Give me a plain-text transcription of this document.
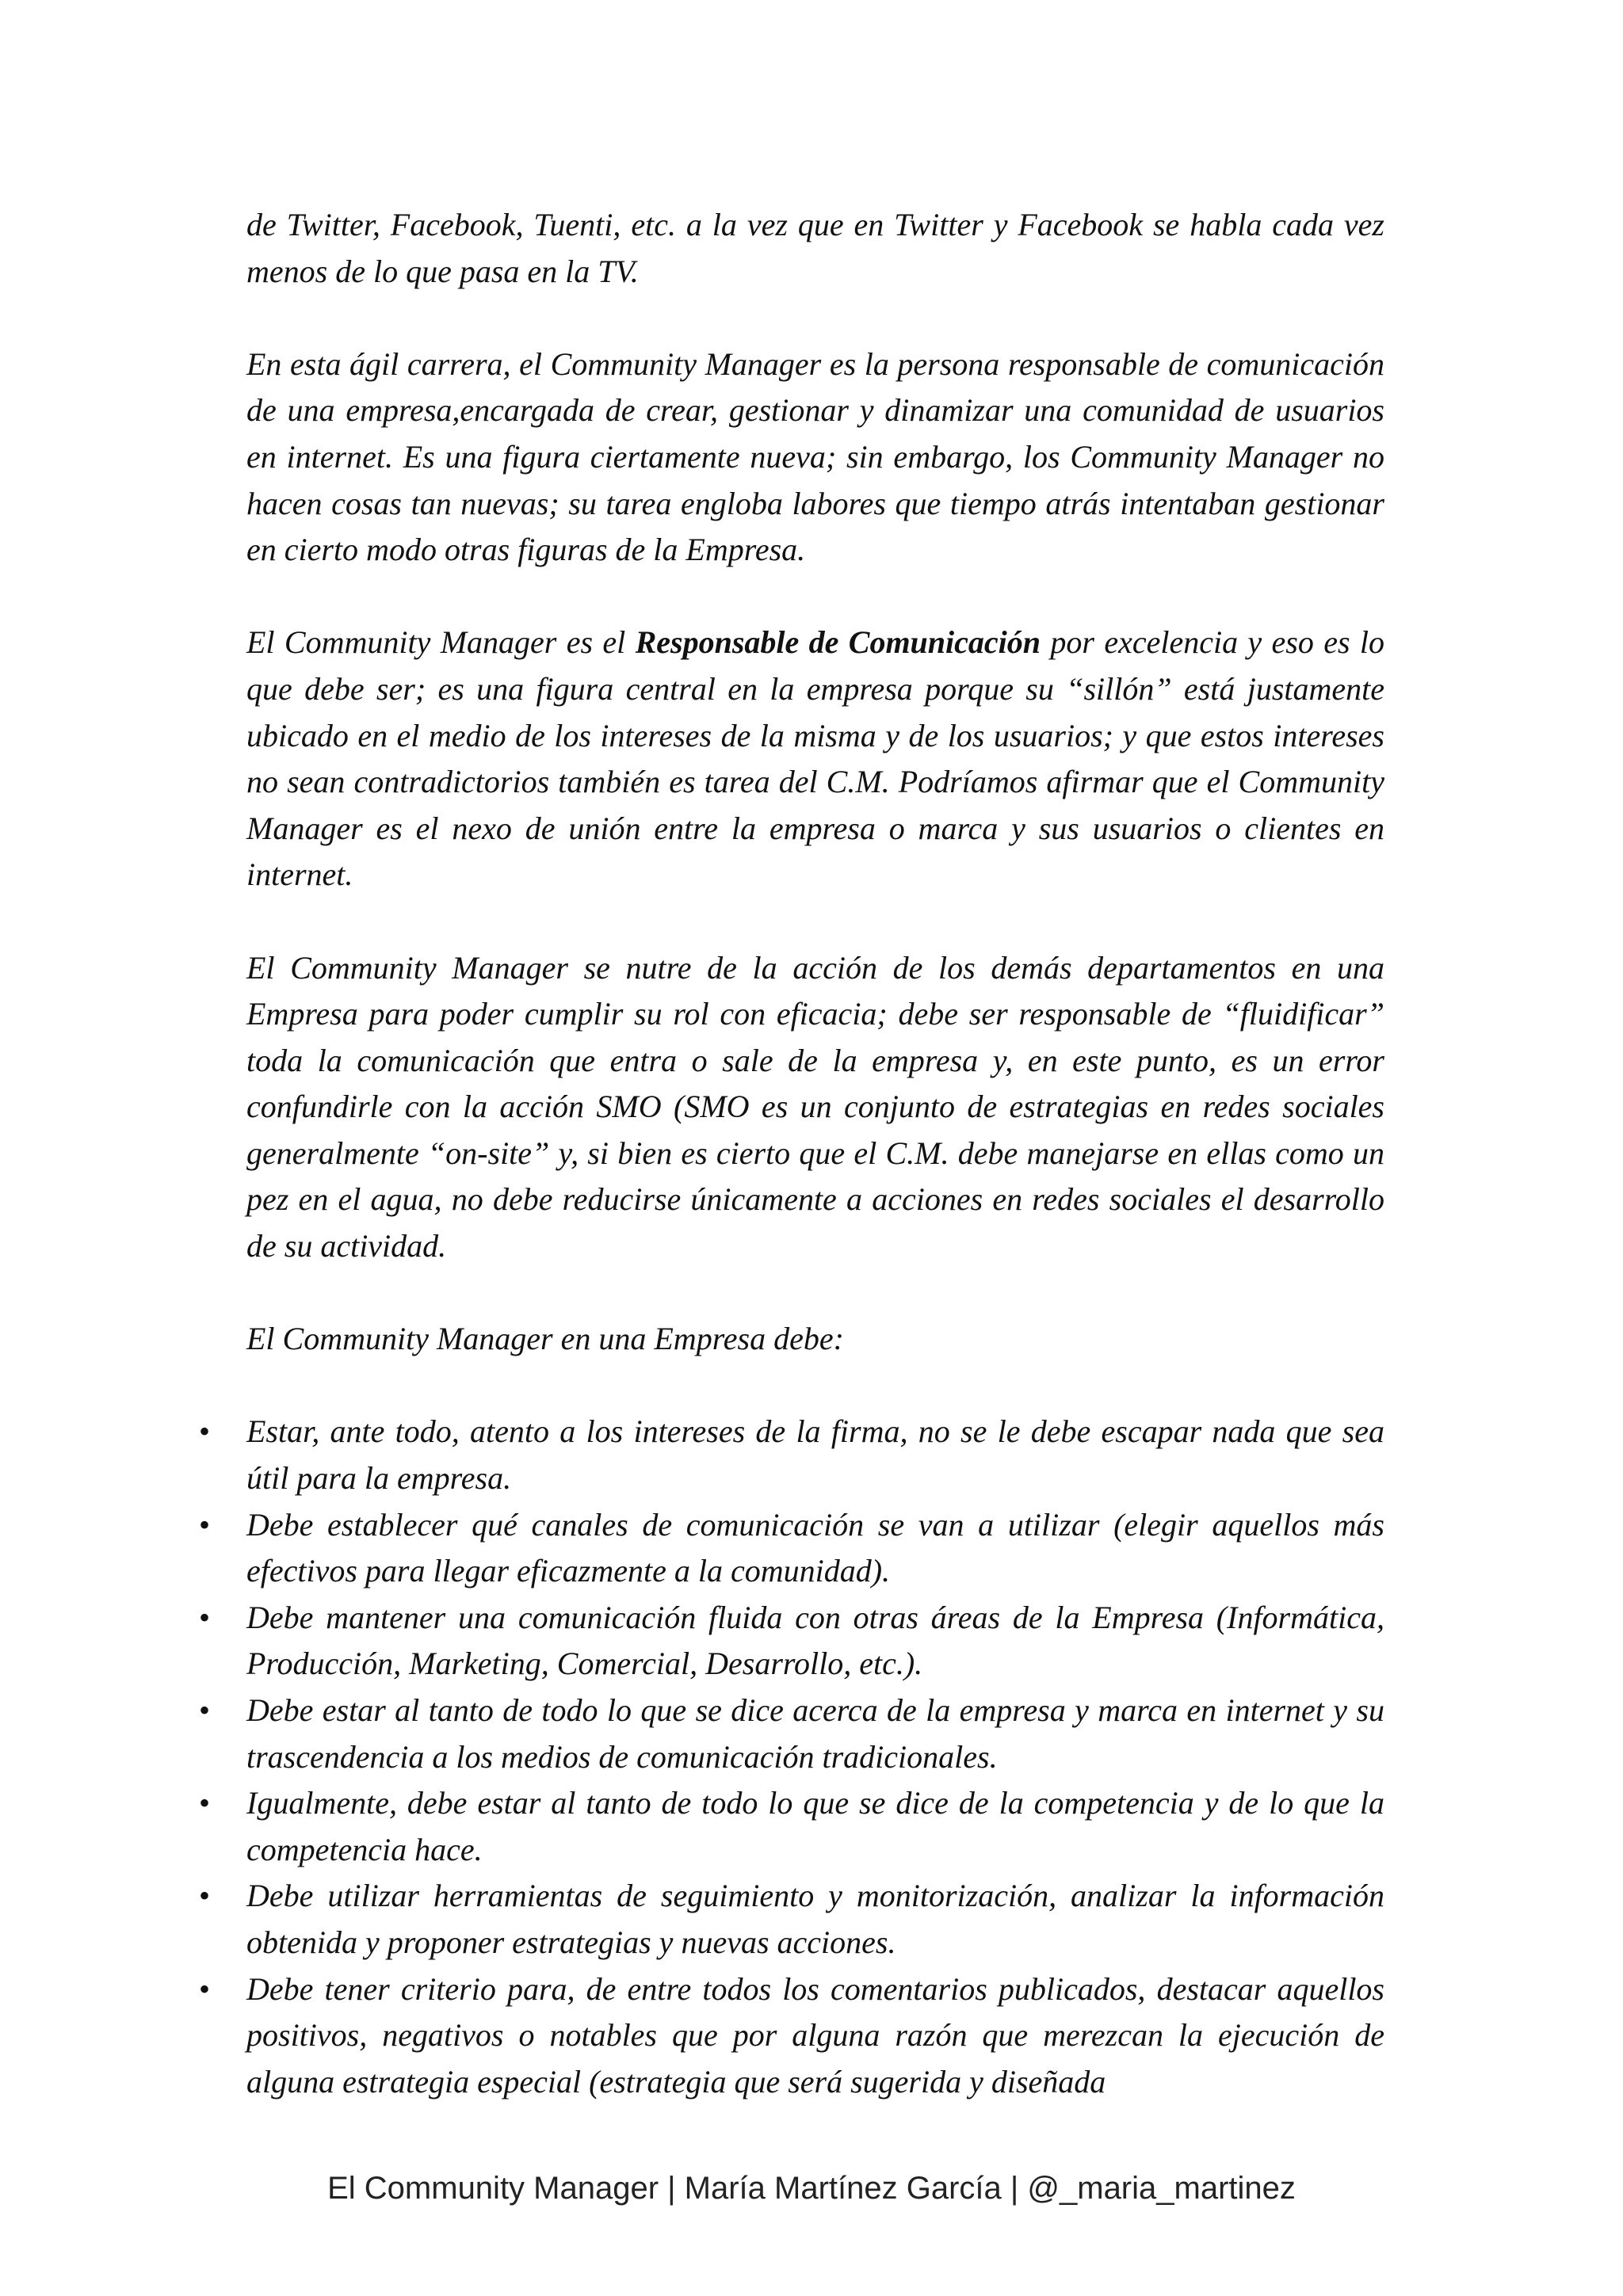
de Twitter, Facebook, Tuenti, etc. a la vez que en Twitter y Facebook se habla cada vez menos de lo que pasa en la TV.

En esta ágil carrera, el Community Manager es la persona responsable de comunicación de una empresa,encargada de crear, gestionar y dinamizar una comunidad de usuarios en internet. Es una figura ciertamente nueva; sin embargo, los Community Manager no hacen cosas tan nuevas; su tarea engloba labores que tiempo atrás intentaban gestionar en cierto modo otras figuras de la Empresa.

El Community Manager es el Responsable de Comunicación por excelencia y eso es lo que debe ser; es una figura central en la empresa porque su “sillón” está justamente ubicado en el medio de los intereses de la misma y de los usuarios; y que estos intereses no sean contradictorios también es tarea del C.M. Podríamos afirmar que el Community Manager es el nexo de unión entre la empresa o marca y sus usuarios o clientes en internet.

El Community Manager se nutre de la acción de los demás departamentos en una Empresa para poder cumplir su rol con eficacia; debe ser responsable de “fluidificar” toda la comunicación que entra o sale de la empresa y, en este punto, es un error confundirle con la acción SMO (SMO es un conjunto de estrategias en redes sociales generalmente “on-site” y, si bien es cierto que el C.M. debe manejarse en ellas como un pez en el agua, no debe reducirse únicamente a acciones en redes sociales el desarrollo de su actividad.

El Community Manager en una Empresa debe:

• Estar, ante todo, atento a los intereses de la firma, no se le debe escapar nada que sea útil para la empresa.
• Debe establecer qué canales de comunicación se van a utilizar (elegir aquellos más efectivos para llegar eficazmente a la comunidad).
• Debe mantener una comunicación fluida con otras áreas de la Empresa (Informática, Producción, Marketing, Comercial, Desarrollo, etc.).
• Debe estar al tanto de todo lo que se dice acerca de la empresa y marca en internet y su trascendencia a los medios de comunicación tradicionales.
• Igualmente, debe estar al tanto de todo lo que se dice de la competencia y de lo que la competencia hace.
• Debe utilizar herramientas de seguimiento y monitorización, analizar la información obtenida y proponer estrategias y nuevas acciones.
• Debe tener criterio para, de entre todos los comentarios publicados, destacar aquellos positivos, negativos o notables que por alguna razón que merezcan la ejecución de alguna estrategia especial (estrategia que será sugerida y diseñada
El Community Manager | María Martínez García | @_maria_martinez
